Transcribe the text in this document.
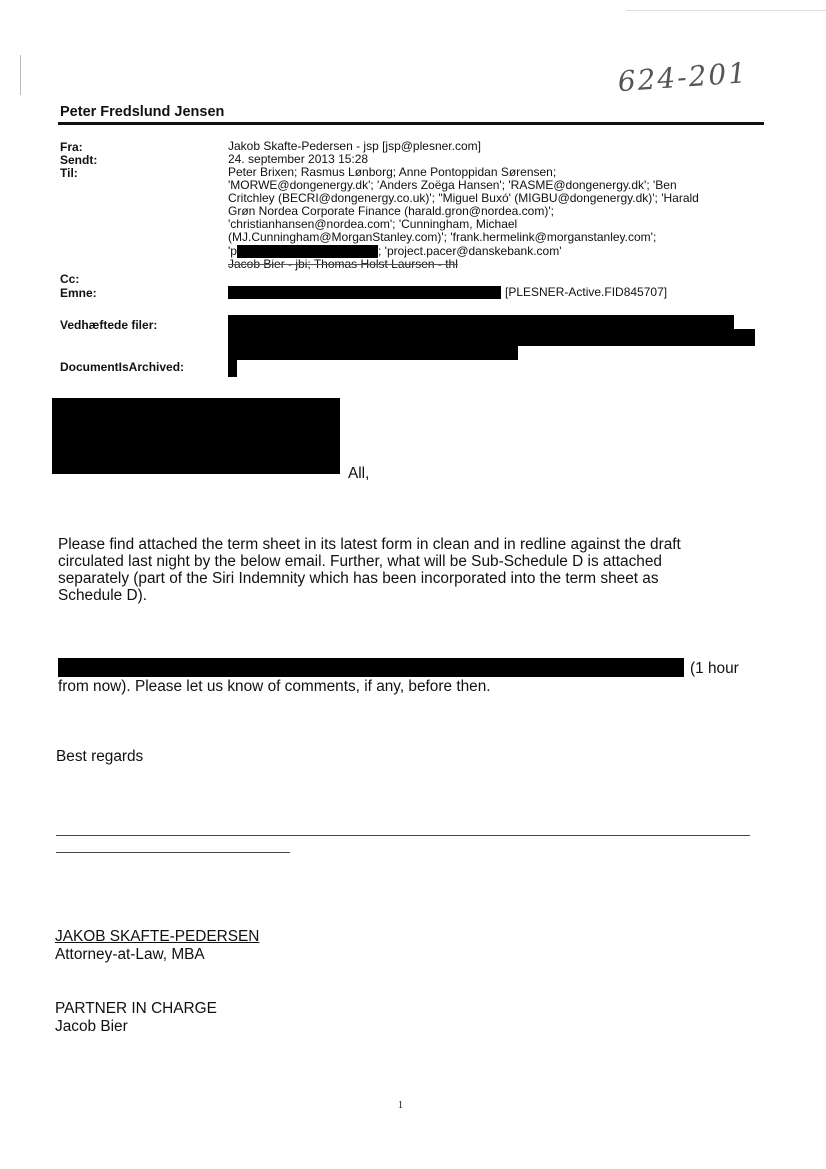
624-201
Peter Fredslund Jensen
Fra:
Sendt:
Til:
Cc:
Emne:
Vedhæftede filer:
DocumentIsArchived:
Jakob Skafte-Pedersen - jsp [jsp@plesner.com]
24. september 2013 15:28
Peter Brixen; Rasmus Lønborg; Anne Pontoppidan Sørensen;
'MORWE@dongenergy.dk'; 'Anders Zoëga Hansen'; 'RASME@dongenergy.dk'; 'Ben
Critchley (BECRI@dongenergy.co.uk)'; "Miguel Buxó' (MIGBU@dongenergy.dk)'; 'Harald
Grøn Nordea Corporate Finance (harald.gron@nordea.com)';
'christianhansen@nordea.com'; 'Cunningham, Michael
(MJ.Cunningham@MorganStanley.com)'; 'frank.hermelink@morganstanley.com';
'p	; 'project.pacer@danskebank.com'
Jacob Bier - jbi; Thomas Holst Laursen - thl
[PLESNER-Active.FID845707]
All,
Please find attached the term sheet in its latest form in clean and in redline against the draft
circulated last night by the below email. Further, what will be Sub-Schedule D is attached
separately (part of the Siri Indemnity which has been incorporated into the term sheet as
Schedule D).
(1 hour
from now). Please let us know of comments, if any, before then.
Best regards
JAKOB SKAFTE-PEDERSEN
Attorney-at-Law, MBA
PARTNER IN CHARGE
Jacob Bier
1
